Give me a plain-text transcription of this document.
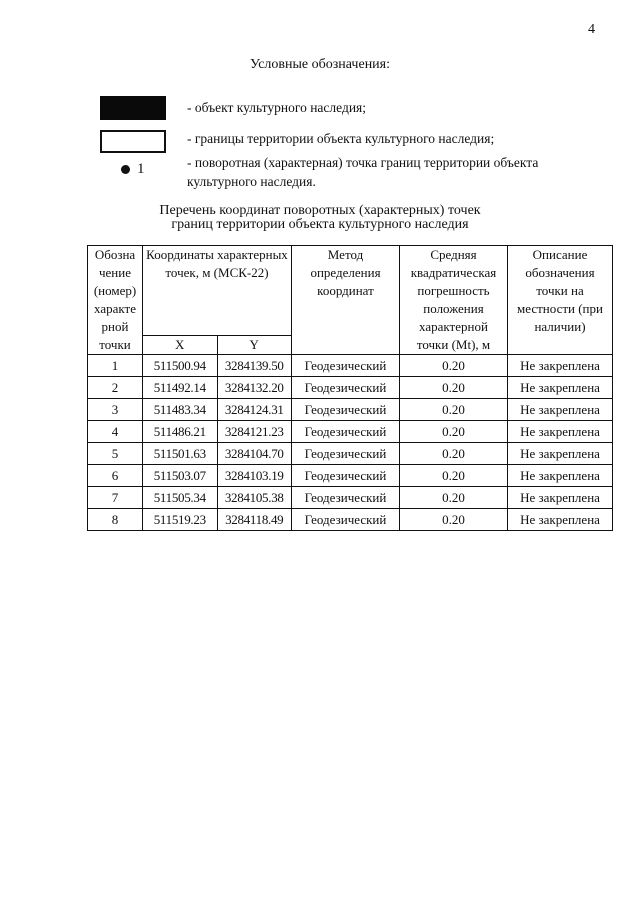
4
Условные обозначения:
- объект культурного наследия;
- границы территории объекта культурного наследия;
1	- поворотная (характерная) точка границ территории объекта культурного наследия.
Перечень координат поворотных (характерных) точек
границ территории объекта культурного наследия
Обозна чение (номер) характе рной точки	Координаты характерных точек, м (МСК-22)		Метод определения координат	Средняя квадратическая погрешность положения характерной точки (Mt), м	Описание обозначения точки на местности (при наличии)
	X	Y			
1	511500.94	3284139.50	Геодезический	0.20	Не закреплена
2	511492.14	3284132.20	Геодезический	0.20	Не закреплена
3	511483.34	3284124.31	Геодезический	0.20	Не закреплена
4	511486.21	3284121.23	Геодезический	0.20	Не закреплена
5	511501.63	3284104.70	Геодезический	0.20	Не закреплена
6	511503.07	3284103.19	Геодезический	0.20	Не закреплена
7	511505.34	3284105.38	Геодезический	0.20	Не закреплена
8	511519.23	3284118.49	Геодезический	0.20	Не закреплена
